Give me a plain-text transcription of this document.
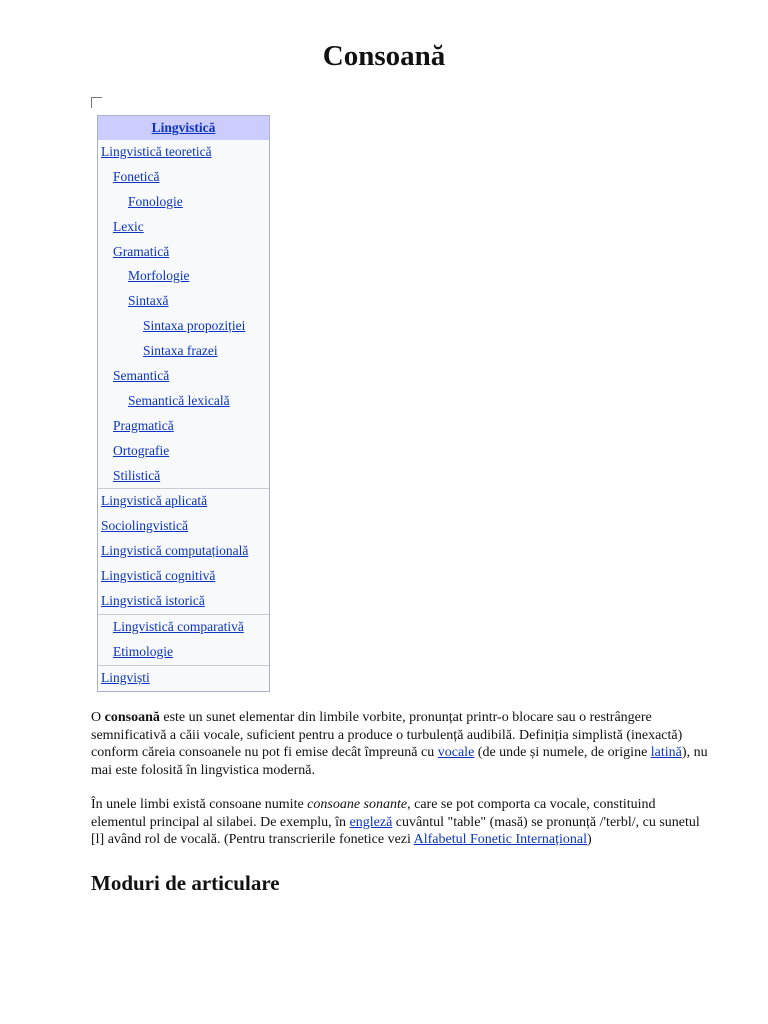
Consoană
Lingvistică
Lingvistică teoretică
Fonetică
Fonologie
Lexic
Gramatică
Morfologie
Sintaxă
Sintaxa propoziției
Sintaxa frazei
Semantică
Semantică lexicală
Pragmatică
Ortografie
Stilistică
Lingvistică aplicată
Sociolingvistică
Lingvistică computațională
Lingvistică cognitivă
Lingvistică istorică
Lingvistică comparativă
Etimologie
Lingviști

O consoană este un sunet elementar din limbile vorbite, pronunțat printr-o blocare sau o restrângere semnificativă a căii vocale, suficient pentru a produce o turbulență audibilă. Definiția simplistă (inexactă) conform căreia consoanele nu pot fi emise decât împreună cu vocale (de unde și numele, de origine latină), nu mai este folosită în lingvistica modernă.

În unele limbi există consoane numite consoane sonante, care se pot comporta ca vocale, constituind elementul principal al silabei. De exemplu, în engleză cuvântul "table" (masă) se pronunță /'terbl/, cu sunetul [l] având rol de vocală. (Pentru transcrierile fonetice vezi Alfabetul Fonetic Internațional)

Moduri de articulare
